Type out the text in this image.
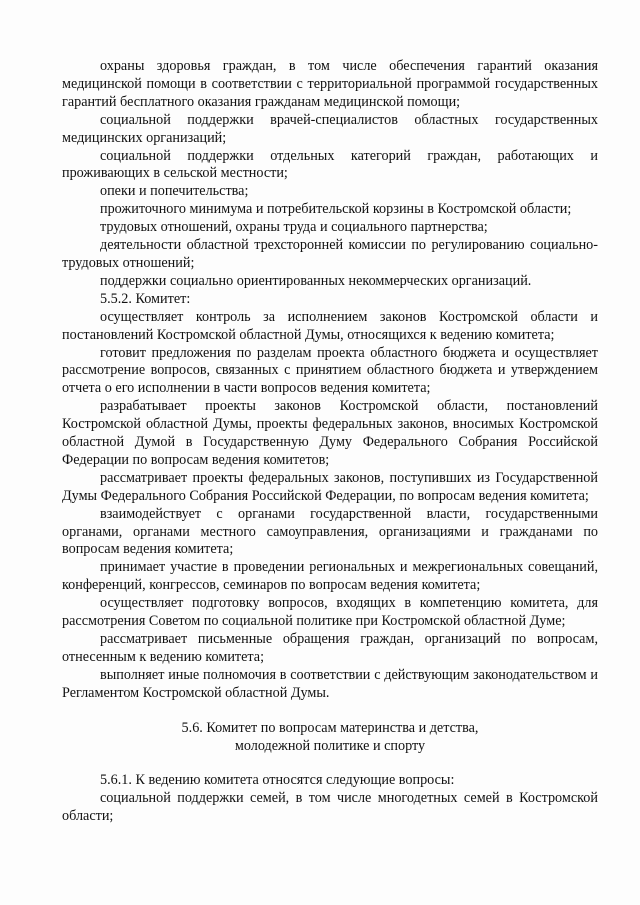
охраны здоровья граждан, в том числе обеспечения гарантий оказания медицинской помощи в соответствии с территориальной программой государственных гарантий бесплатного оказания гражданам медицинской помощи;

социальной поддержки врачей-специалистов областных государственных медицинских организаций;

социальной поддержки отдельных категорий граждан, работающих и проживающих в сельской местности;

опеки и попечительства;

прожиточного минимума и потребительской корзины в Костромской области;

трудовых отношений, охраны труда и социального партнерства;

деятельности областной трехсторонней комиссии по регулированию социально-трудовых отношений;

поддержки социально ориентированных некоммерческих организаций.

5.5.2. Комитет:

осуществляет контроль за исполнением законов Костромской области и постановлений Костромской областной Думы, относящихся к ведению комитета;

готовит предложения по разделам проекта областного бюджета и осуществляет рассмотрение вопросов, связанных с принятием областного бюджета и утверждением отчета о его исполнении в части вопросов ведения комитета;

разрабатывает проекты законов Костромской области, постановлений Костромской областной Думы, проекты федеральных законов, вносимых Костромской областной Думой в Государственную Думу Федерального Собрания Российской Федерации по вопросам ведения комитетов;

рассматривает проекты федеральных законов, поступивших из Государственной Думы Федерального Собрания Российской Федерации, по вопросам ведения комитета;

взаимодействует с органами государственной власти, государственными органами, органами местного самоуправления, организациями и гражданами по вопросам ведения комитета;

принимает участие в проведении региональных и межрегиональных совещаний, конференций, конгрессов, семинаров по вопросам ведения комитета;

осуществляет подготовку вопросов, входящих в компетенцию комитета, для рассмотрения Советом по социальной политике при Костромской областной Думе;

рассматривает письменные обращения граждан, организаций по вопросам, отнесенным к ведению комитета;

выполняет иные полномочия в соответствии с действующим законодательством и Регламентом Костромской областной Думы.

5.6. Комитет по вопросам материнства и детства,
молодежной политике и спорту

5.6.1. К ведению комитета относятся следующие вопросы:

социальной поддержки семей, в том числе многодетных семей в Костромской области;
